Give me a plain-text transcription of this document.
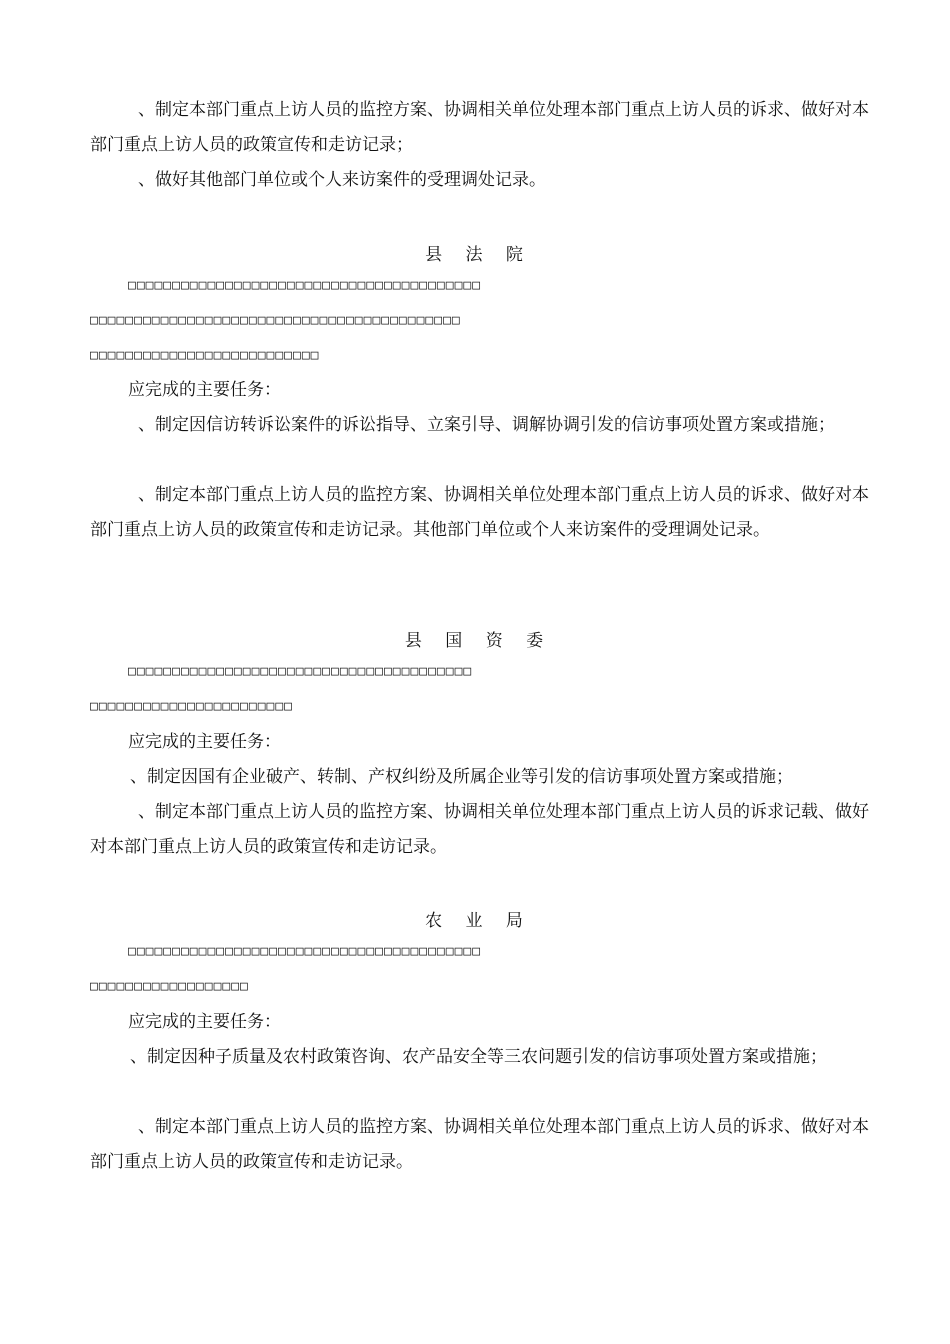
、制定本部门重点上访人员的监控方案、协调相关单位处理本部门重点上访人员的诉求、做好对本部门重点上访人员的政策宣传和走访记录；

、做好其他部门单位或个人来访案件的受理调处记录。

县 法 院

□□□□□□□□□□□□□□□□□□□□□□□□□□□□□□□□□□□□□□□□

□□□□□□□□□□□□□□□□□□□□□□□□□□□□□□□□□□□□□□□□□□

□□□□□□□□□□□□□□□□□□□□□□□□□□

应完成的主要任务：

、制定因信访转诉讼案件的诉讼指导、立案引导、调解协调引发的信访事项处置方案或措施；

、制定本部门重点上访人员的监控方案、协调相关单位处理本部门重点上访人员的诉求、做好对本部门重点上访人员的政策宣传和走访记录。其他部门单位或个人来访案件的受理调处记录。

县 国 资 委

□□□□□□□□□□□□□□□□□□□□□□□□□□□□□□□□□□□□□□□

□□□□□□□□□□□□□□□□□□□□□□□

应完成的主要任务：

、制定因国有企业破产、转制、产权纠纷及所属企业等引发的信访事项处置方案或措施；

、制定本部门重点上访人员的监控方案、协调相关单位处理本部门重点上访人员的诉求记载、做好对本部门重点上访人员的政策宣传和走访记录。

农 业 局

□□□□□□□□□□□□□□□□□□□□□□□□□□□□□□□□□□□□□□□□

□□□□□□□□□□□□□□□□□□

应完成的主要任务：

、制定因种子质量及农村政策咨询、农产品安全等三农问题引发的信访事项处置方案或措施；

、制定本部门重点上访人员的监控方案、协调相关单位处理本部门重点上访人员的诉求、做好对本部门重点上访人员的政策宣传和走访记录。
